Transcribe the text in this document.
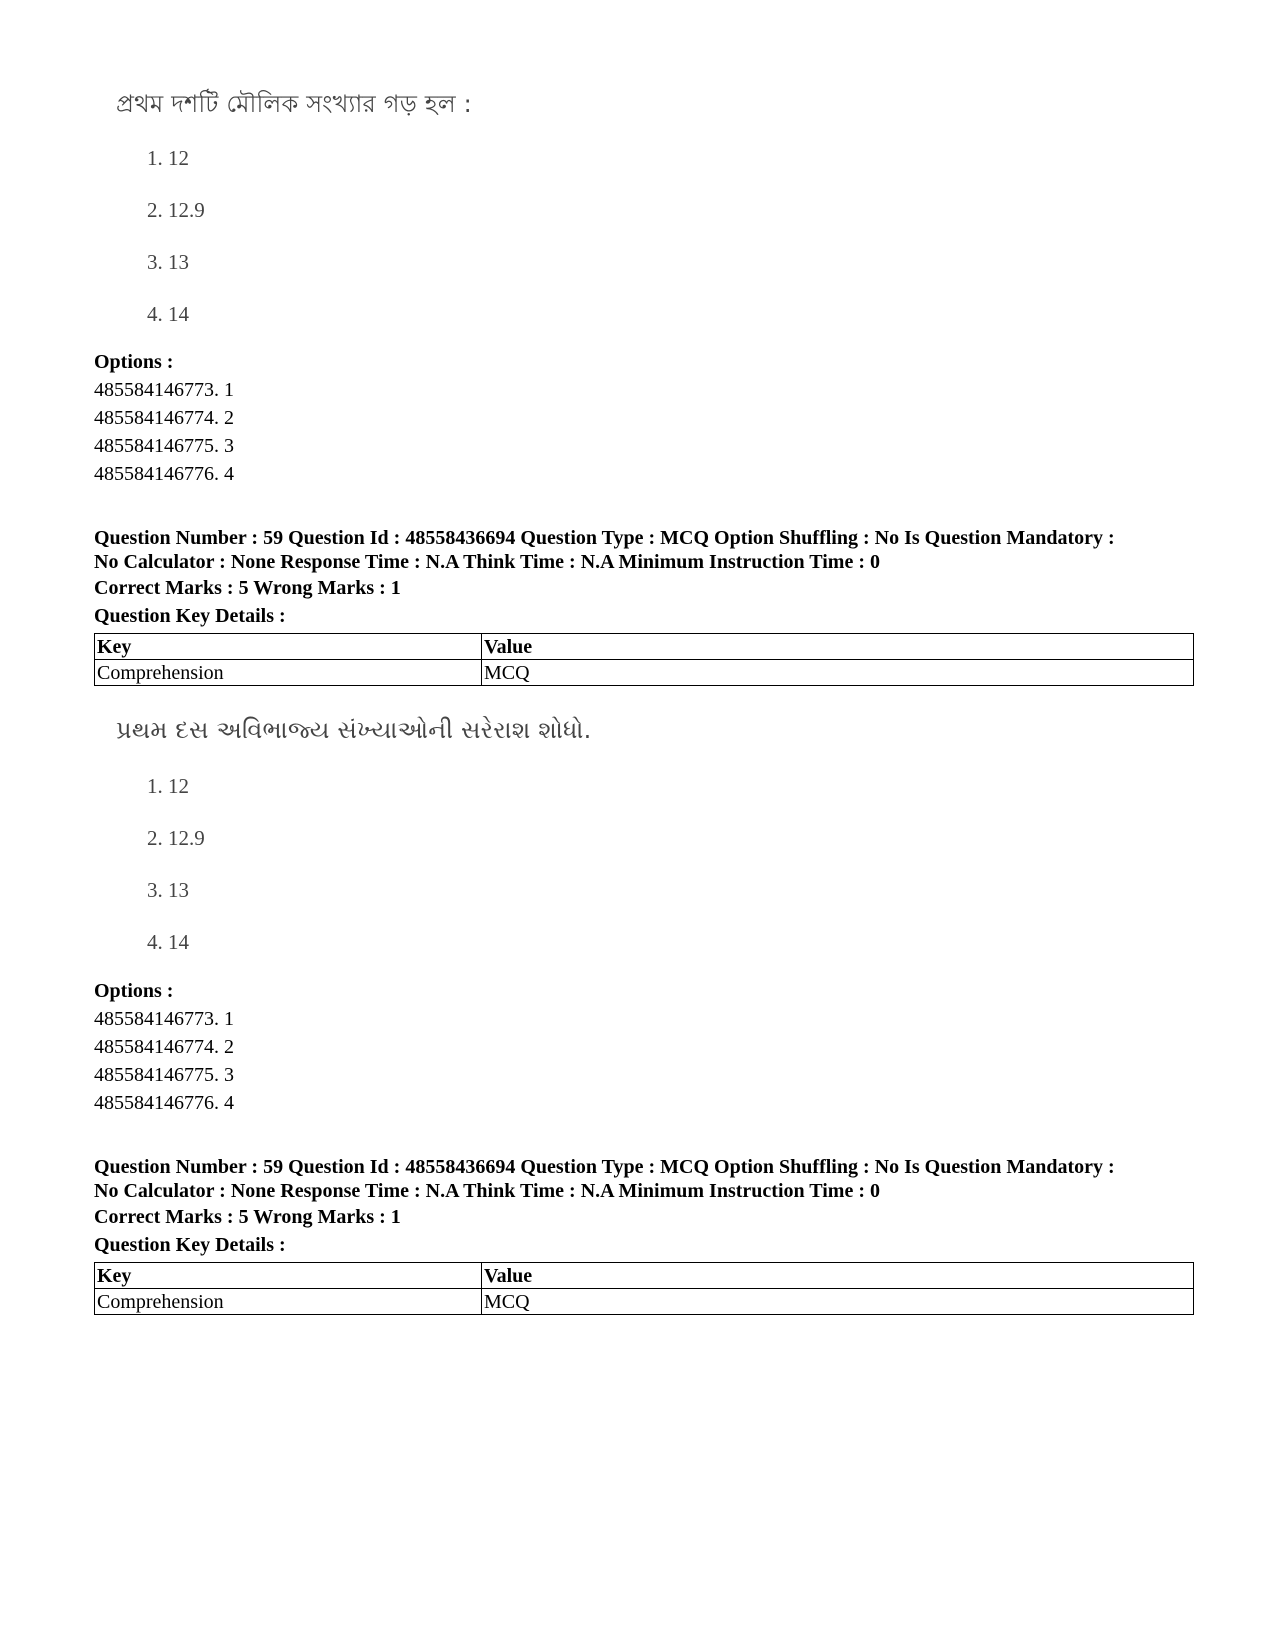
প্রথম দশটি মৌলিক সংখ্যার গড় হল :
1. 12
2. 12.9
3. 13
4. 14
Options :
485584146773. 1
485584146774. 2
485584146775. 3
485584146776. 4
Question Number : 59 Question Id : 48558436694 Question Type : MCQ Option Shuffling : No Is Question Mandatory :
No Calculator : None Response Time : N.A Think Time : N.A Minimum Instruction Time : 0
Correct Marks : 5 Wrong Marks : 1
Question Key Details :
Key	Value
Comprehension	MCQ
પ્રથમ દસ અવિભાજ્ય સંખ્યાઓની સરેરાશ શોધો.
1. 12
2. 12.9
3. 13
4. 14
Options :
485584146773. 1
485584146774. 2
485584146775. 3
485584146776. 4
Question Number : 59 Question Id : 48558436694 Question Type : MCQ Option Shuffling : No Is Question Mandatory :
No Calculator : None Response Time : N.A Think Time : N.A Minimum Instruction Time : 0
Correct Marks : 5 Wrong Marks : 1
Question Key Details :
Key	Value
Comprehension	MCQ
